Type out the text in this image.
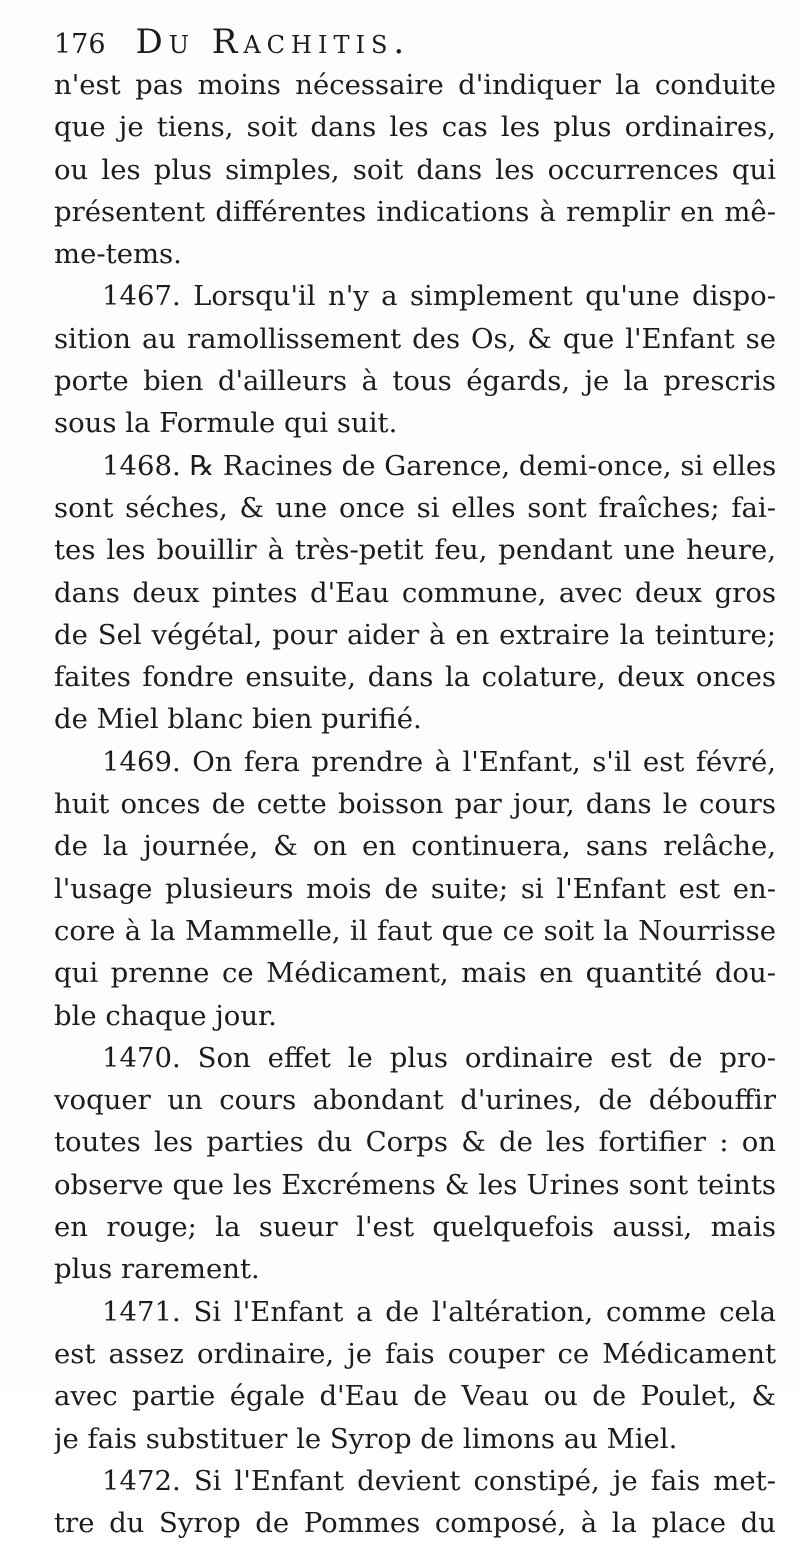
176 Du Rachitis.
n'est pas moins nécessaire d'indiquer la conduite
que je tiens, soit dans les cas les plus ordinaires,
ou les plus simples, soit dans les occurrences qui
présentent différentes indications à remplir en mê-
me-tems.
1467. Lorsqu'il n'y a simplement qu'une dispo-
sition au ramollissement des Os, & que l'Enfant se
porte bien d'ailleurs à tous égards, je la prescris
sous la Formule qui suit.
1468. ℞ Racines de Garence, demi-once, si elles
sont séches, & une once si elles sont fraîches; fai-
tes les bouillir à très-petit feu, pendant une heure,
dans deux pintes d'Eau commune, avec deux gros
de Sel végétal, pour aider à en extraire la teinture;
faites fondre ensuite, dans la colature, deux onces
de Miel blanc bien purifié.
1469. On fera prendre à l'Enfant, s'il est févré,
huit onces de cette boisson par jour, dans le cours
de la journée, & on en continuera, sans relâche,
l'usage plusieurs mois de suite; si l'Enfant est en-
core à la Mammelle, il faut que ce soit la Nourrisse
qui prenne ce Médicament, mais en quantité dou-
ble chaque jour.
1470. Son effet le plus ordinaire est de pro-
voquer un cours abondant d'urines, de débouffir
toutes les parties du Corps & de les fortifier : on
observe que les Excrémens & les Urines sont teints
en rouge; la sueur l'est quelquefois aussi, mais
plus rarement.
1471. Si l'Enfant a de l'altération, comme cela
est assez ordinaire, je fais couper ce Médicament
avec partie égale d'Eau de Veau ou de Poulet, &
je fais substituer le Syrop de limons au Miel.
1472. Si l'Enfant devient constipé, je fais met-
tre du Syrop de Pommes composé, à la place du
